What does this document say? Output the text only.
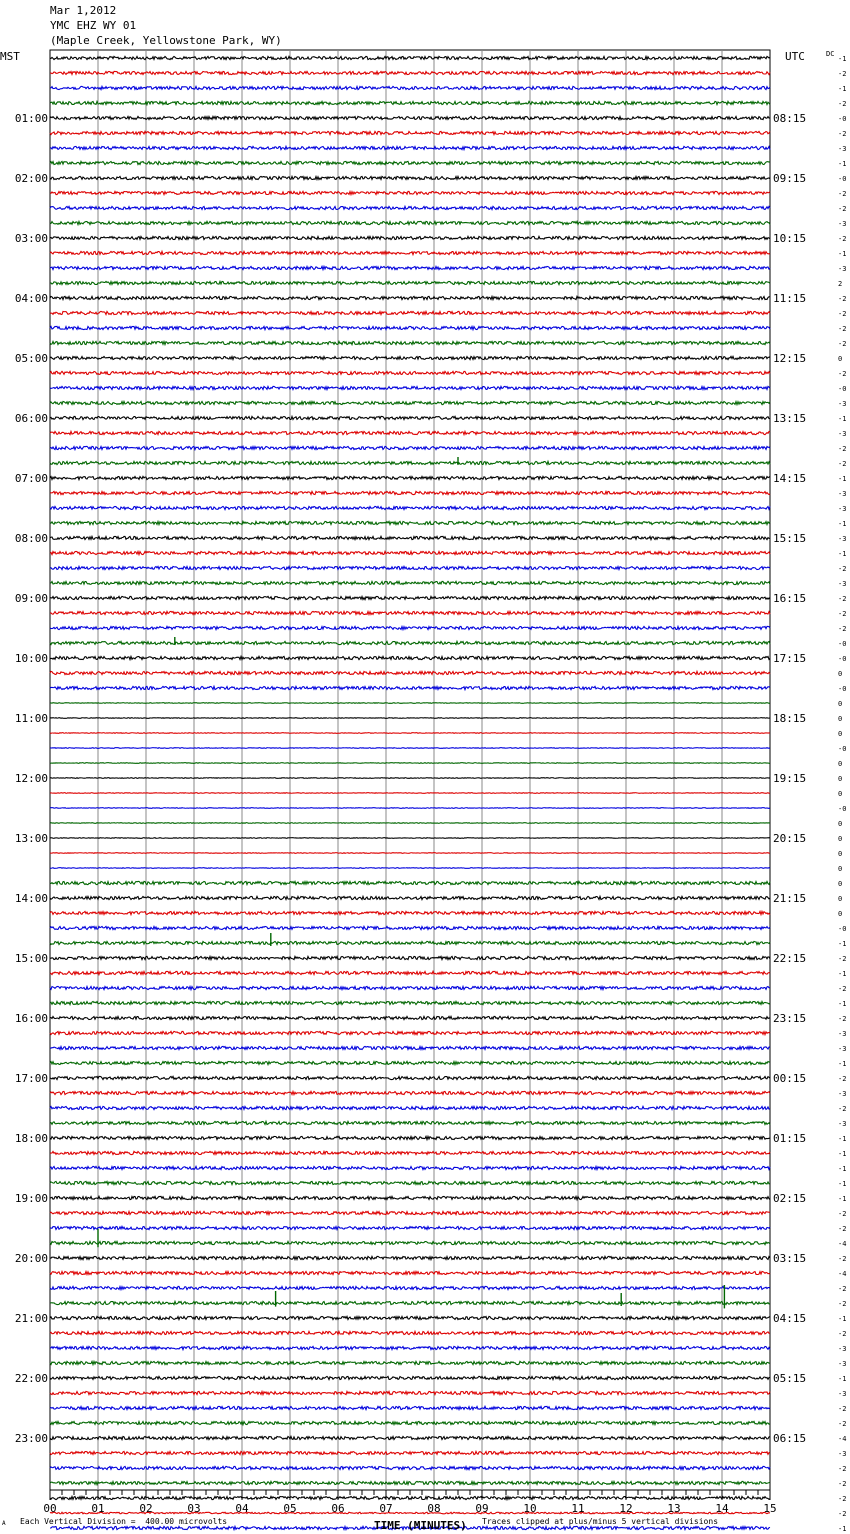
Mar 1,2012
YMC EHZ WY 01
(Maple Creek, Yellowstone Park, WY)
MST	UTC	DC
-1
-2
-1
-2
-0
-2
-3
-1
-0
-2
-2
-3
-2
-1
-3
2
-2
-2
-2
-2
0
-2
-0
-3
-1
-3
-2
-2
-1
-3
-3
-1
-3
-1
-2
-3
-2
-2
-2
-0
-0
0
-0
0
0
0
-0
0
0
0
-0
0
0
0
0
0
0
0
-0
-1
-2
-1
-2
-1
-2
-3
-3
-1
-2
-3
-2
-3
-1
-1
-1
-1
-1
-2
-2
-4
-2
-4
-2
-2
-1
-2
-3
-3
-1
-3
-2
-2
-4
-3
-2
-2
-2
-2
-1
01:00
02:00
03:00
04:00
05:00
06:00
07:00
08:00
09:00
10:00
11:00
12:00
13:00
14:00
15:00
16:00
17:00
18:00
19:00
20:00
21:00
22:00
23:00
08:15
09:15
10:15
11:15
12:15
13:15
14:15
15:15
16:15
17:15
18:15
19:15
20:15
21:15
22:15
23:15
00:15
01:15
02:15
03:15
04:15
05:15
06:15
00	01	02	03	04	05	06	07	08	09	10	11	12	13	14	15
A Each Vertical Division =  400.00 microvolts	TIME (MINUTES) Traces clipped at plus/minus 5 vertical divisions
